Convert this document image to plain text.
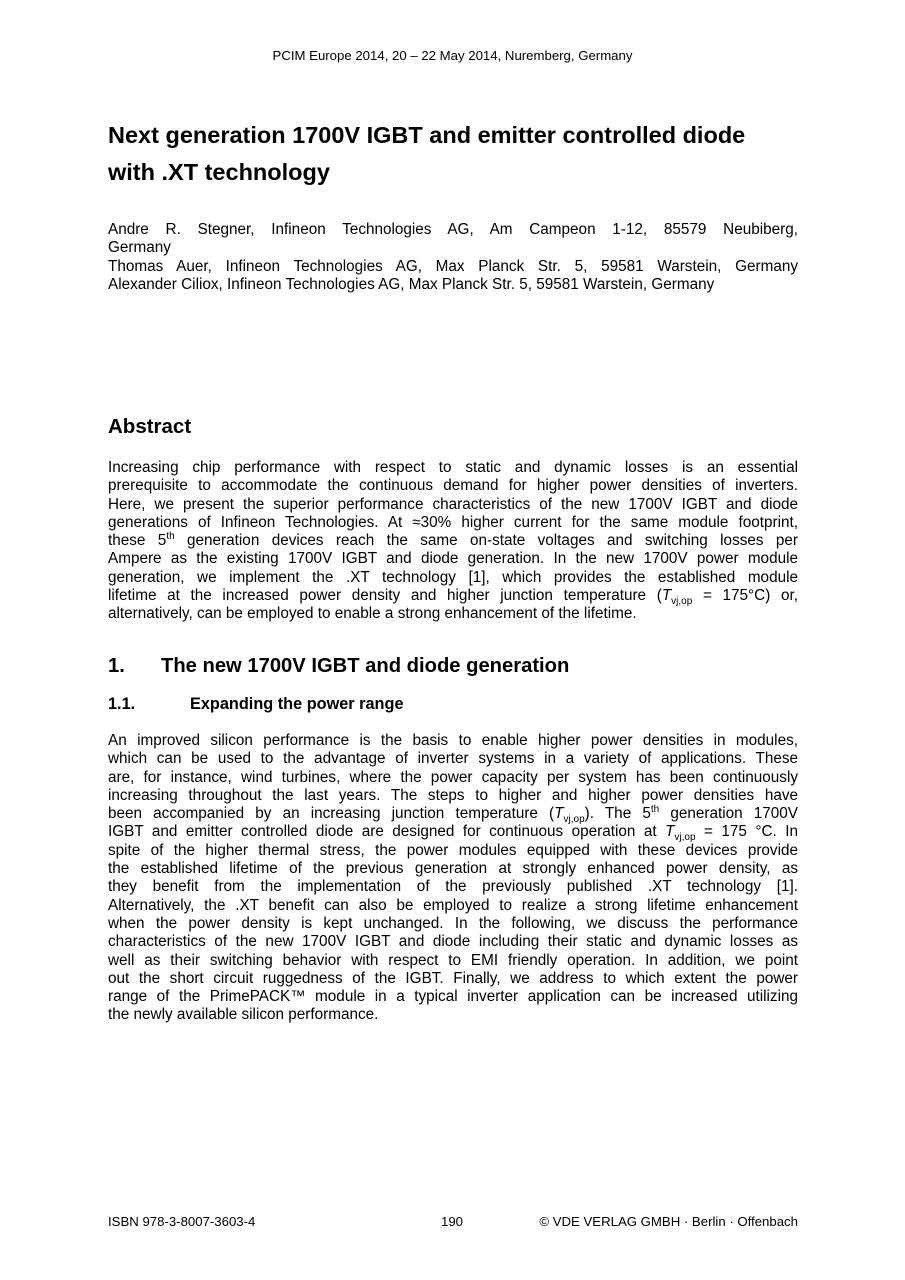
PCIM Europe 2014, 20 – 22 May 2014, Nuremberg, Germany
Next generation 1700V IGBT and emitter controlled diode
with .XT technology
Andre R. Stegner, Infineon Technologies AG, Am Campeon 1-12, 85579 Neubiberg,
Germany
Thomas Auer, Infineon Technologies AG, Max Planck Str. 5, 59581 Warstein, Germany
Alexander Ciliox, Infineon Technologies AG, Max Planck Str. 5, 59581 Warstein, Germany
Abstract
Increasing chip performance with respect to static and dynamic losses is an essential
prerequisite to accommodate the continuous demand for higher power densities of inverters.
Here, we present the superior performance characteristics of the new 1700V IGBT and diode
generations of Infineon Technologies. At ≈30% higher current for the same module footprint,
these 5th generation devices reach the same on-state voltages and switching losses per
Ampere as the existing 1700V IGBT and diode generation. In the new 1700V power module
generation, we implement the .XT technology [1], which provides the established module
lifetime at the increased power density and higher junction temperature $(T_{vj,op} = 175^\circ C)$ or,
alternatively, can be employed to enable a strong enhancement of the lifetime.
1. The new 1700V IGBT and diode generation
1.1.	Expanding the power range
An improved silicon performance is the basis to enable higher power densities in modules,
which can be used to the advantage of inverter systems in a variety of applications. These
are, for instance, wind turbines, where the power capacity per system has been continuously
increasing throughout the last years. The steps to higher and higher power densities have
been accompanied by an increasing junction temperature $(T_{vj,op})$. The 5th generation 1700V
IGBT and emitter controlled diode are designed for continuous operation at $T_{vj,op} = 175$ °C. In
spite of the higher thermal stress, the power modules equipped with these devices provide
the established lifetime of the previous generation at strongly enhanced power density, as
they benefit from the implementation of the previously published .XT technology [1].
Alternatively, the .XT benefit can also be employed to realize a strong lifetime enhancement
when the power density is kept unchanged. In the following, we discuss the performance
characteristics of the new 1700V IGBT and diode including their static and dynamic losses as
well as their switching behavior with respect to EMI friendly operation. In addition, we point
out the short circuit ruggedness of the IGBT. Finally, we address to which extent the power
range of the PrimePACK™ module in a typical inverter application can be increased utilizing
the newly available silicon performance.
ISBN 978-3-8007-3603-4	190	© VDE VERLAG GMBH · Berlin · Offenbach
